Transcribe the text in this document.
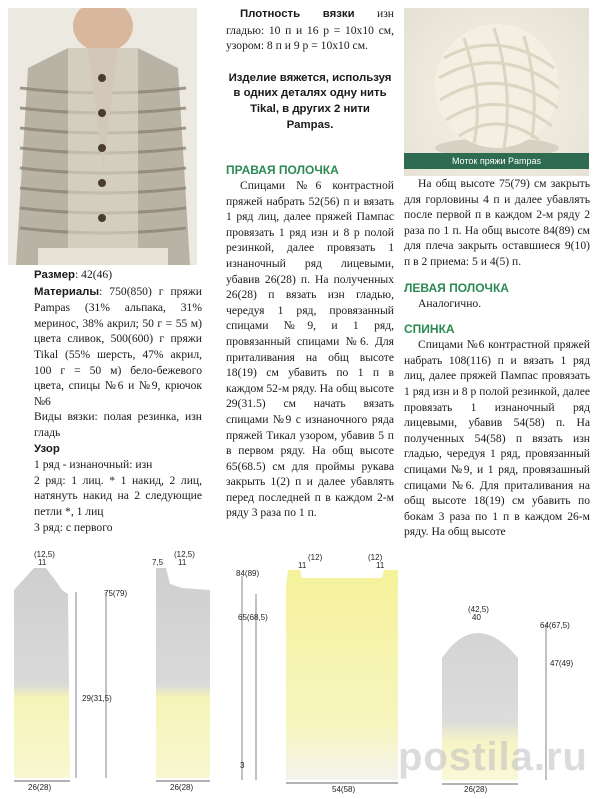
Моток пряжи Pampas

Плотность вязки изн гладью: 10 п и 16 р = 10х10 см, узором: 8 п и 9 р = 10х10 см.

Изделие вяжется, используя в одних деталях одну нить Tikal, в других 2 нити Pampas.

ПРАВАЯ ПОЛОЧКА

Спицами №6 контрастной пряжей набрать 52(56) п и вязать 1 ряд лиц, далее пряжей Пампас провязать 1 ряд изн и 8 р полой резинкой, далее провязать 1 изнаночный ряд лицевыми, убавив 26(28) п. На полученных 26(28) п вязать изн гладью, чередуя 1 ряд, провязанный спицами №9, и 1 ряд, провязанный спицами №6. Для приталивания на общ высоте 18(19) см убавить по 1 п в каждом 52-м ряду. На общ высоте 29(31.5) см начать вязать спицами №9 с изнаночного ряда пряжей Тикал узором, убавив 5 п в первом ряду. На общ высоте 65(68.5) см для проймы рукава закрыть 1(2) п и далее убавлять перед последней п в каждом 2-м ряду 3 раза по 1 п.

Размер: 42(46)

Материалы: 750(850) г пряжи Pampas (31% альпака, 31% меринос, 38% акрил; 50 г = 55 м) цвета сливок, 500(600) г пряжи Tikal (55% шерсть, 47% акрил, 100 г = 50 м) бело-бежевого цвета, спицы №6 и №9, крючок №6

Виды вязки: полая резинка, изн гладь

Узор

1 ряд - изнаночный: изн

2 ряд: 1 лиц. * 1 накид, 2 лиц, натянуть накид на 2 следующие петли *, 1 лиц

3 ряд: с первого

На общ высоте 75(79) см закрыть для горловины 4 п и далее убавлять после первой п в каждом 2-м ряду 2 раза по 1 п. На общ высоте 84(89) см для плеча закрыть оставшиеся 9(10) п в 2 приема: 5 и 4(5) п.

ЛЕВАЯ ПОЛОЧКА

Аналогично.

СПИНКА

Спицами №6 контрастной пряжей набрать 108(116) п и вязать 1 ряд лиц, далее пряжей Пампас провязать 1 ряд изн и 8 р полой резинкой, далее провязать 1 изнаночный ряд лицевыми, убавив 54(58) п. На полученных 54(58) п вязать изн гладью, чередуя 1 ряд, провязанный спицами №9, и 1 ряд, провязашный спицами №6. Для приталивания на общ высоте 18(19) см убавить по бокам 3 раза по 1 п в каждом 26-м ряду. На общ высоте

26(28)
(12,5)
11
75(79)
29(31,5)
26(28)
(12,5)
11
7,5
54(58)
(12)
11
(12)
11
84(89)
65(68,5)
3
26(28)
(42,5)
40
64(67,5)
47(49)
postila.ru
